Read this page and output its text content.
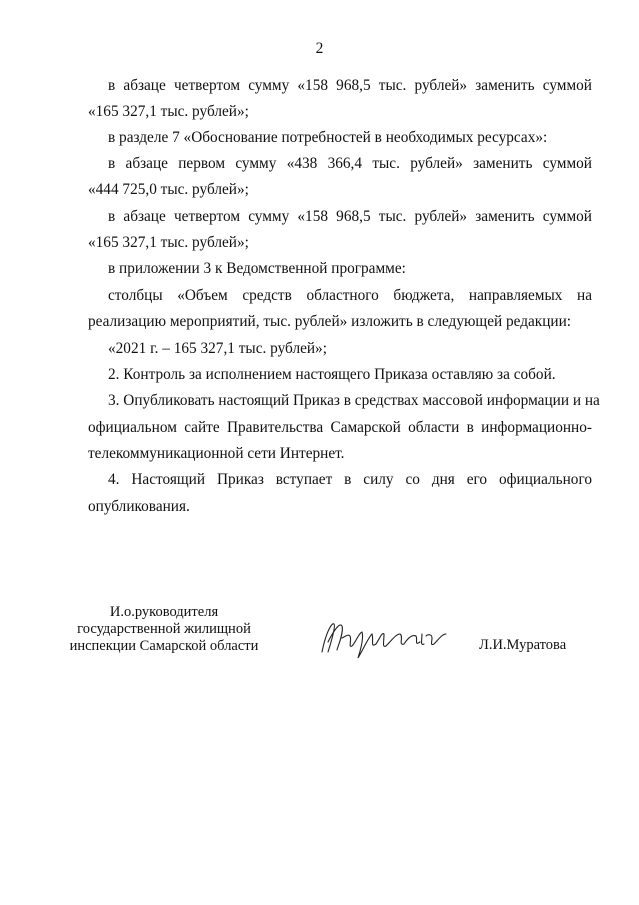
2
в абзаце четвертом сумму «158 968,5 тыс. рублей» заменить суммой
«165 327,1 тыс. рублей»;
в разделе 7 «Обоснование потребностей в необходимых ресурсах»:
в абзаце первом сумму «438 366,4 тыс. рублей» заменить суммой
«444 725,0 тыс. рублей»;
в абзаце четвертом сумму «158 968,5 тыс. рублей» заменить суммой
«165 327,1 тыс. рублей»;
в приложении 3 к Ведомственной программе:
столбцы «Объем средств областного бюджета, направляемых на
реализацию мероприятий, тыс. рублей» изложить в следующей редакции:
«2021 г. – 165 327,1 тыс. рублей»;
2. Контроль за исполнением настоящего Приказа оставляю за собой.
3. Опубликовать настоящий Приказ в средствах массовой информации и на
официальном сайте Правительства Самарской области в информационно-
телекоммуникационной сети Интернет.
4. Настоящий Приказ вступает в силу со дня его официального
опубликования.
И.о.руководителя
государственной жилищной
инспекции Самарской области	Л.И.Муратова
